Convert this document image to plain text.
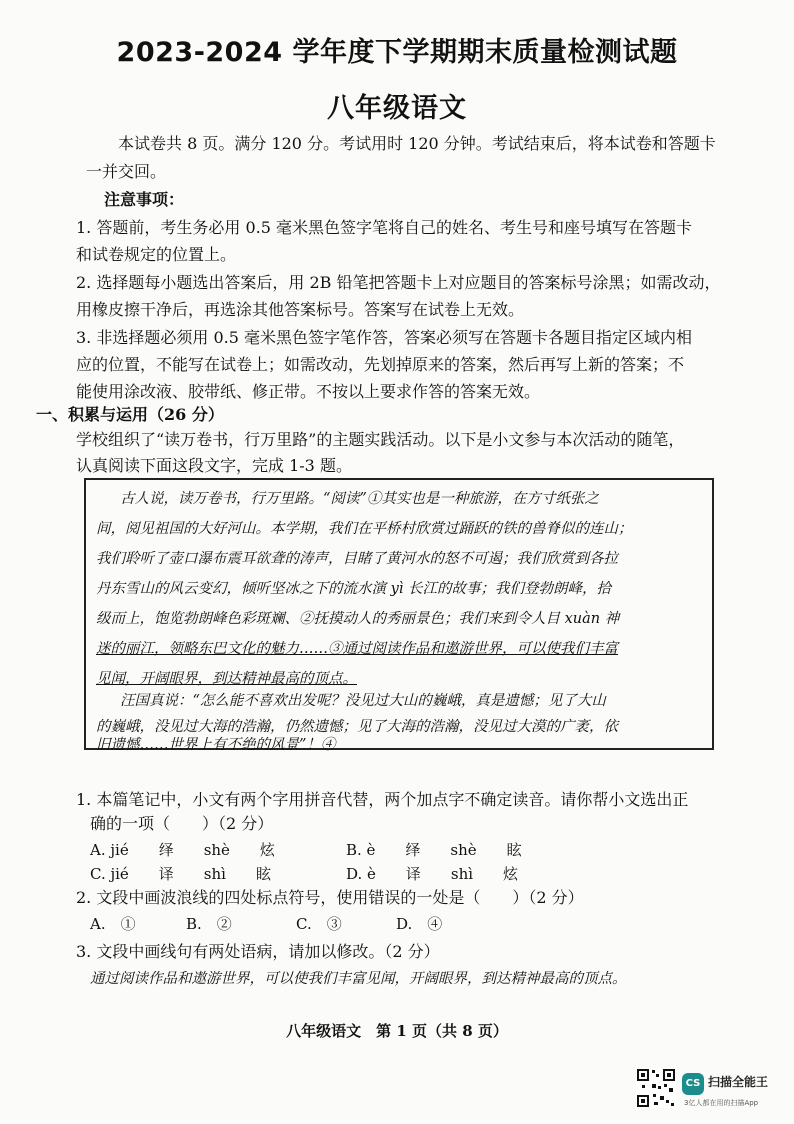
2023-2024 学年度下学期期末质量检测试题
八年级语文
本试卷共 8 页。满分 120 分。考试用时 120 分钟。考试结束后，将本试卷和答题卡
一并交回。
注意事项：
1. 答题前，考生务必用 0.5 毫米黑色签字笔将自己的姓名、考生号和座号填写在答题卡
和试卷规定的位置上。
2. 选择题每小题选出答案后，用 2B 铅笔把答题卡上对应题目的答案标号涂黑；如需改动，
用橡皮擦干净后，再选涂其他答案标号。答案写在试卷上无效。
3. 非选择题必须用 0.5 毫米黑色签字笔作答，答案必须写在答题卡各题目指定区域内相
应的位置，不能写在试卷上；如需改动，先划掉原来的答案，然后再写上新的答案；不
能使用涂改液、胶带纸、修正带。不按以上要求作答的答案无效。
一、积累与运用（26 分）
学校组织了“读万卷书，行万里路”的主题实践活动。以下是小文参与本次活动的随笔，
认真阅读下面这段文字，完成 1-3 题。
古人说，读万卷书，行万里路。“阅读”①其实也是一种旅游，在方寸纸张之
间，阅见祖国的大好河山。本学期，我们在平桥村欣赏过踊跃的铁的兽脊似的连山；
我们聆听了壶口瀑布震耳欲聋的涛声，目睹了黄河水的怒不可遏；我们欣赏到各拉
丹东雪山的风云变幻，倾听坚冰之下的流水演 yì 长江的故事；我们登勃朗峰，拾
级而上，饱览勃朗峰色彩斑斓、②抚摸动人的秀丽景色；我们来到令人目 xuàn 神
迷的丽江，领略东巴文化的魅力……③通过阅读作品和遨游世界，可以使我们丰富
见闻，开阔眼界，到达精神最高的顶点。
汪国真说：“怎么能不喜欢出发呢？没见过大山的巍峨，真是遗憾；见了大山
的巍峨，没见过大海的浩瀚，仍然遗憾；见了大海的浩瀚，没见过大漠的广袤，依
旧遗憾……世界上有不绝的风景”！④
1. 本篇笔记中，小文有两个字用拼音代替，两个加点字不确定读音。请你帮小文选出正
确的一项（　　）（2 分）
A. jié　　绎　　shè　　炫	B. è　　绎　　shè　　眩
C. jié　　译　　shì　　眩	D. è　　译　　shì　　炫
2. 文段中画波浪线的四处标点符号，使用错误的一处是（　　）（2 分）
A.　①	B.　②	C.　③	D.　④
3. 文段中画线句有两处语病，请加以修改。（2 分）
通过阅读作品和遨游世界，可以使我们丰富见闻，开阔眼界，到达精神最高的顶点。
八年级语文　第 1 页（共 8 页）
CS 扫描全能王
3亿人都在用的扫描App
